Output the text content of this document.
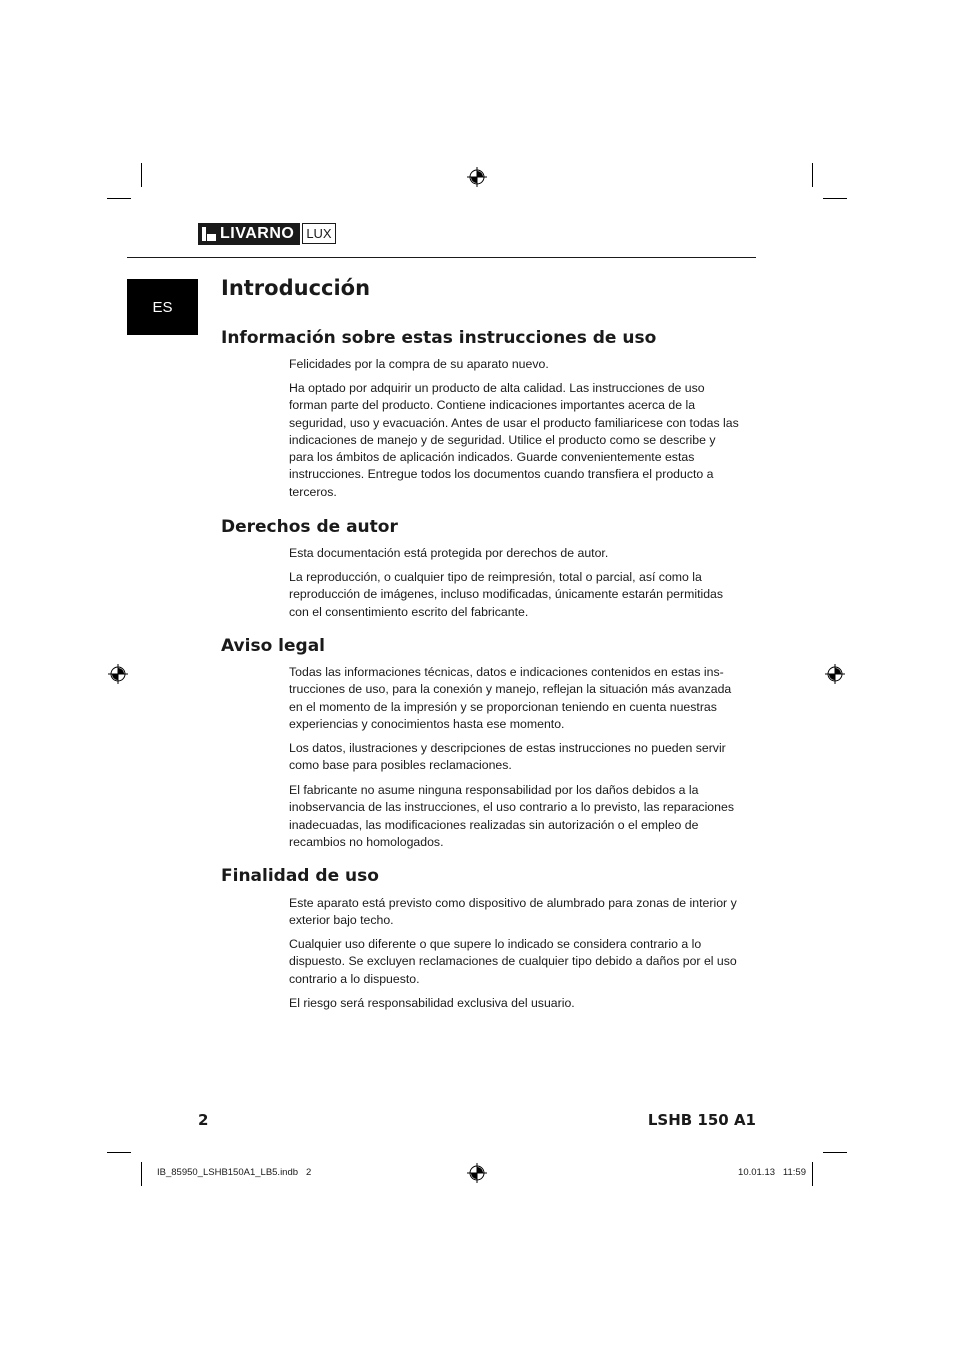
LIVARNO LUX
ES
Introducción
Información sobre estas instrucciones de uso

Felicidades por la compra de su aparato nuevo.

Ha optado por adquirir un producto de alta calidad. Las instrucciones de uso forman parte del producto. Contiene indicaciones importantes acerca de la seguridad, uso y evacuación. Antes de usar el producto familiaricese con todas las indicaciones de manejo y de seguridad. Utilice el producto como se describe y para los ámbitos de aplicación indicados. Guarde convenientemente estas instrucciones. Entregue todos los documentos cuando transfiera el producto a terceros.

Derechos de autor

Esta documentación está protegida por derechos de autor.

La reproducción, o cualquier tipo de reimpresión, total o parcial, así como la reproducción de imágenes, incluso modificadas, únicamente estarán permitidas con el consentimiento escrito del fabricante.

Aviso legal

Todas las informaciones técnicas, datos e indicaciones contenidos en estas ins- trucciones de uso, para la conexión y manejo, reflejan la situación más avanzada en el momento de la impresión y se proporcionan teniendo en cuenta nuestras experiencias y conocimientos hasta ese momento.

Los datos, ilustraciones y descripciones de estas instrucciones no pueden servir como base para posibles reclamaciones.

El fabricante no asume ninguna responsabilidad por los daños debidos a la inobservancia de las instrucciones, el uso contrario a lo previsto, las reparaciones inadecuadas, las modificaciones realizadas sin autorización o el empleo de recambios no homologados.

Finalidad de uso

Este aparato está previsto como dispositivo de alumbrado para zonas de interior y exterior bajo techo.

Cualquier uso diferente o que supere lo indicado se considera contrario a lo dispuesto. Se excluyen reclamaciones de cualquier tipo debido a daños por el uso contrario a lo dispuesto.

El riesgo será responsabilidad exclusiva del usuario.

2	LSHB 150 A1
IB_85950_LSHB150A1_LB5.indb   2	10.01.13   11:59
